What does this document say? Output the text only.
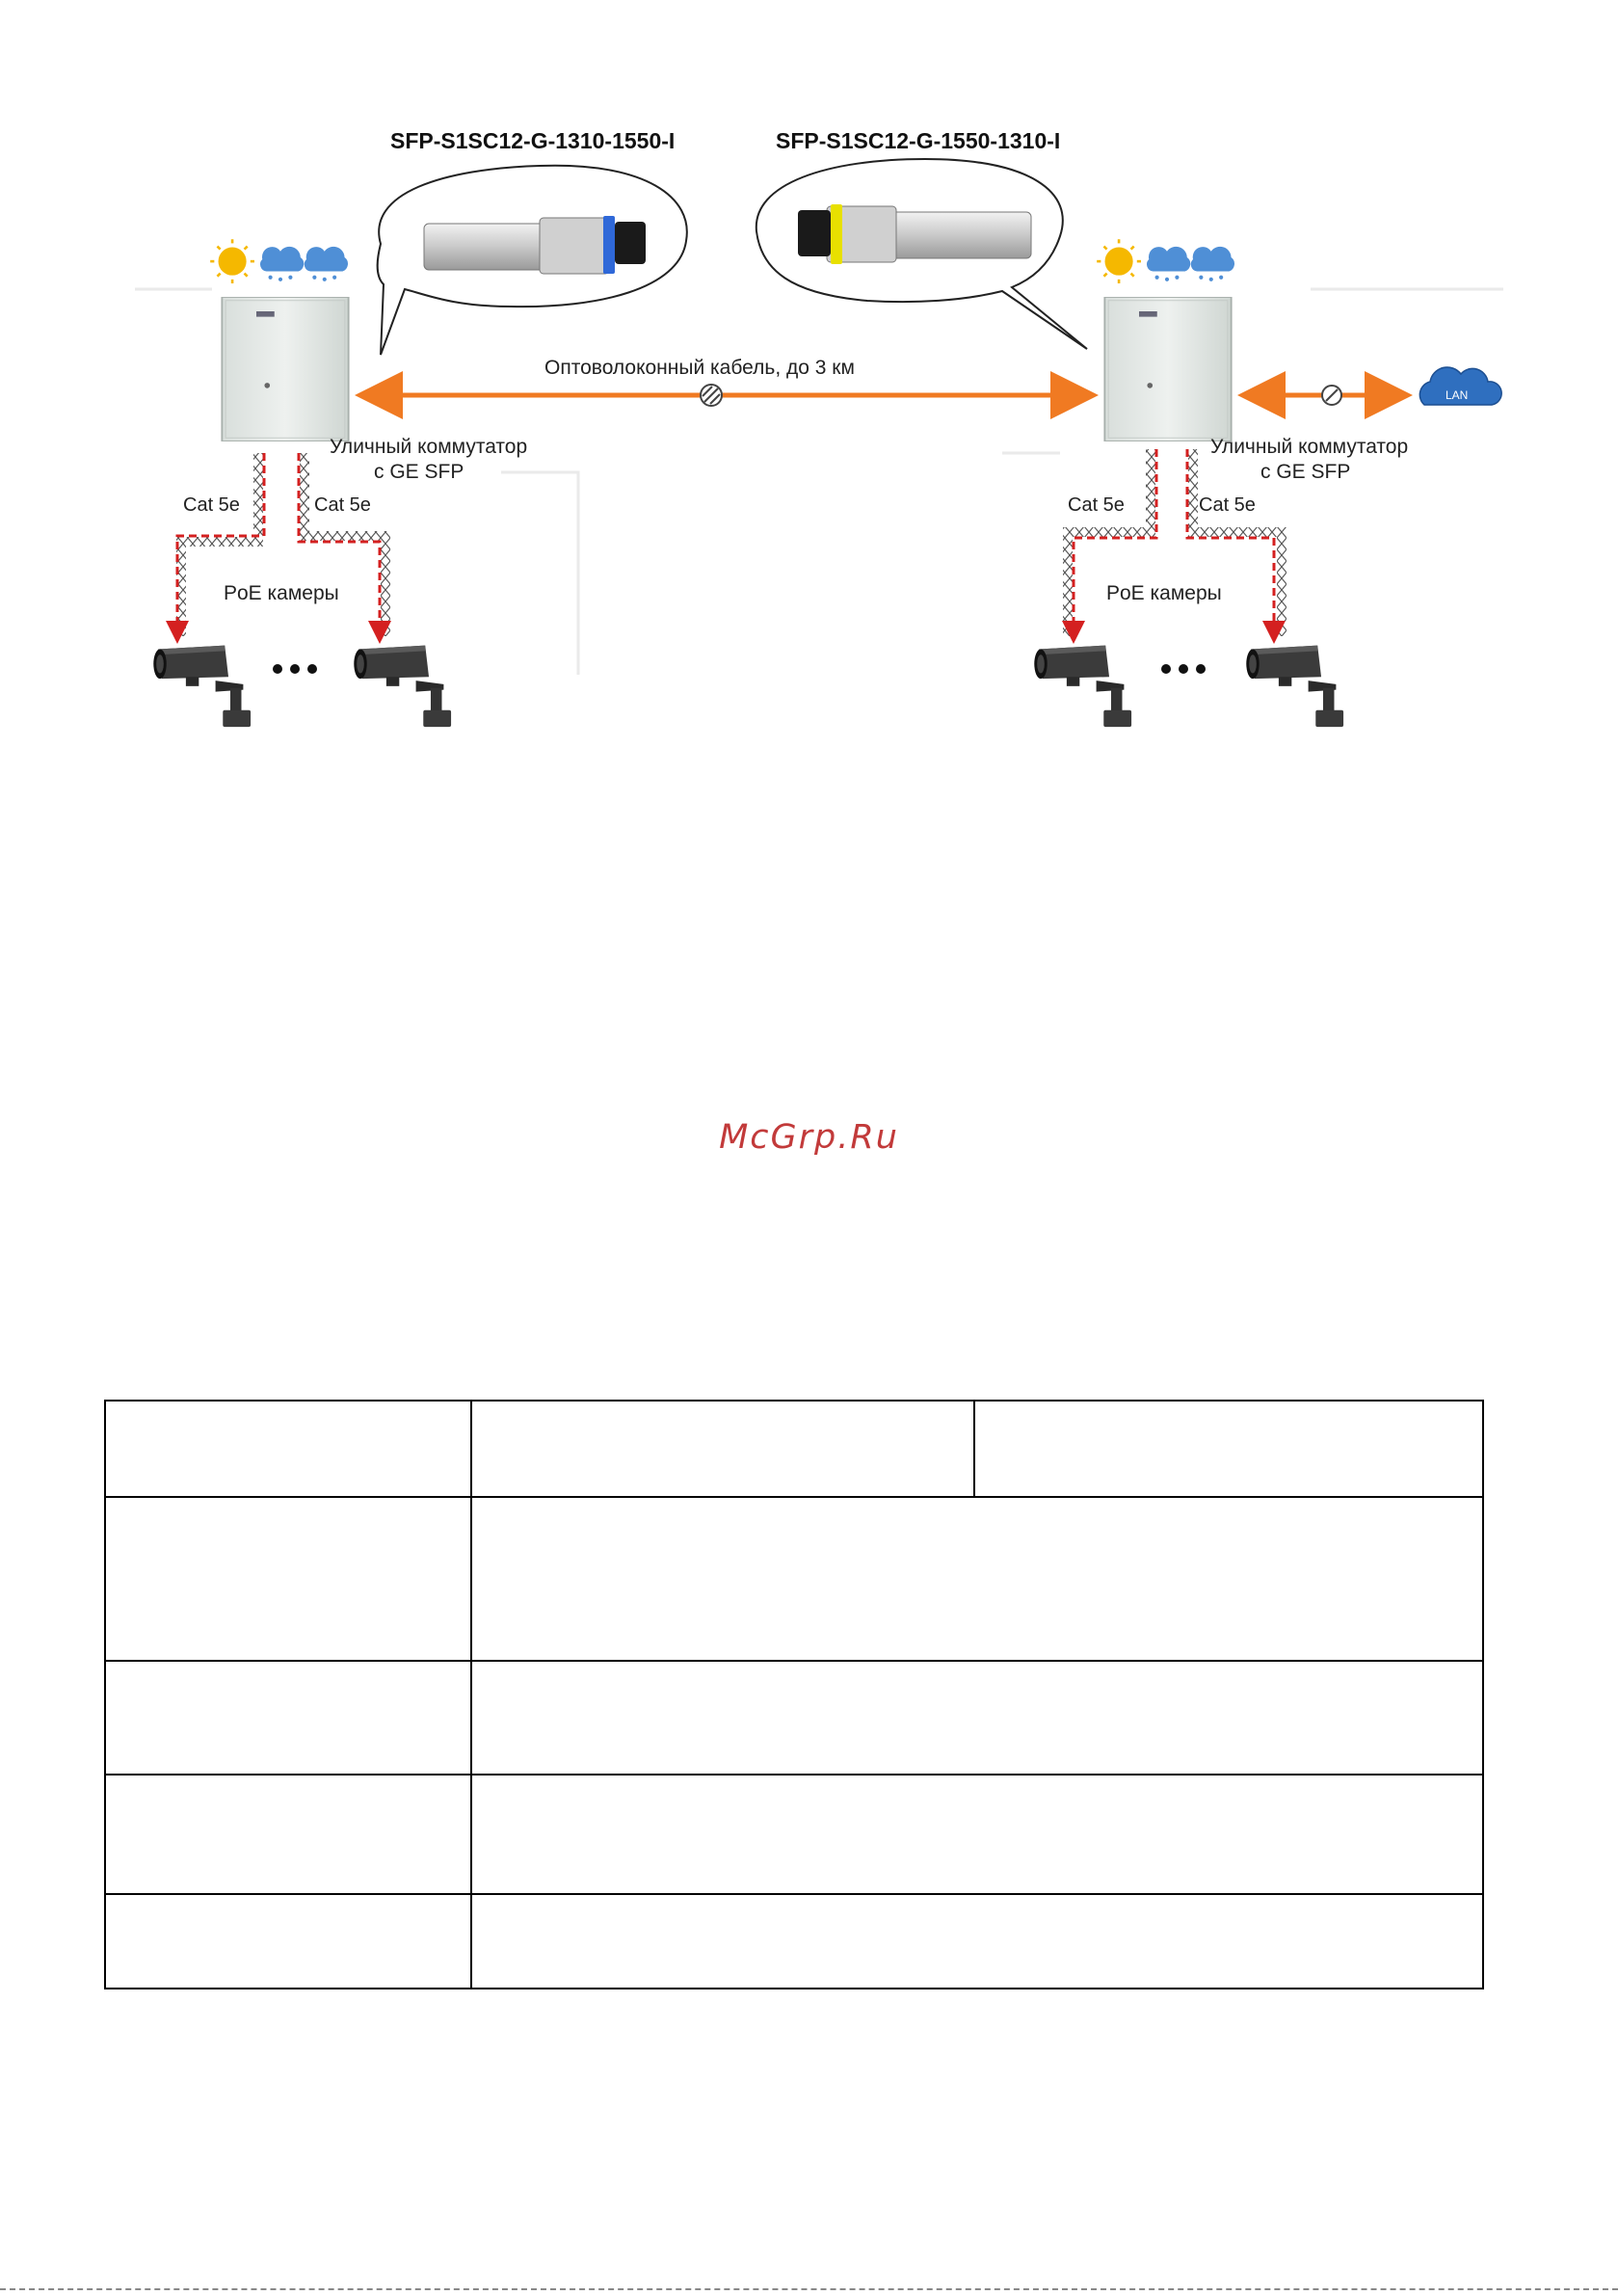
SFP-S1SC12-G-1310-1550-I	SFP-S1SC12-G-1550-1310-I
Оптоволоконный кабель, до 3 км
LAN
Уличный коммутатор
с GE SFP
Уличный коммутатор
с GE SFP
Cat 5e	Cat 5e	Cat 5e	Cat 5e
PoE камеры	PoE камеры
McGrp.Ru
